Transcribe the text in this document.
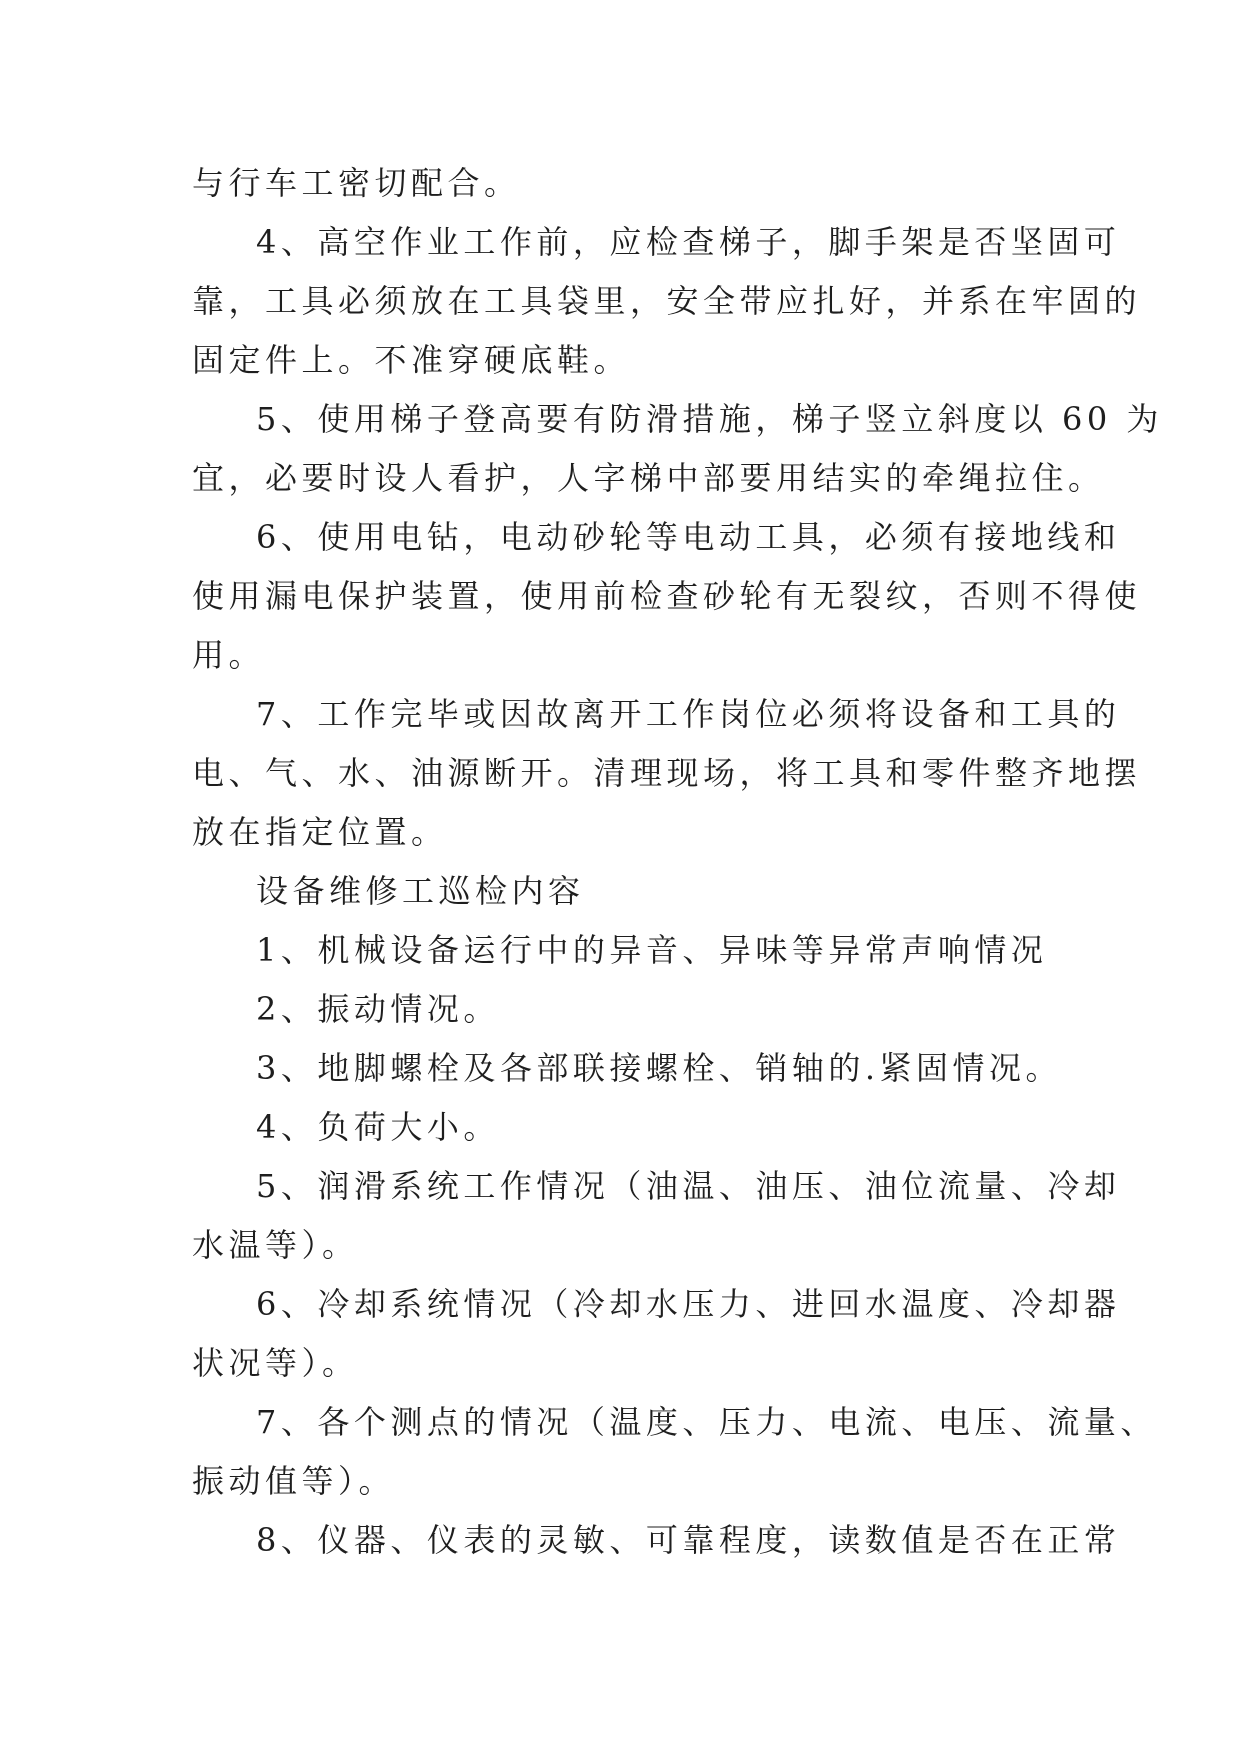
与行车工密切配合。
4、高空作业工作前，应检查梯子，脚手架是否坚固可
靠，工具必须放在工具袋里，安全带应扎好，并系在牢固的
固定件上。不准穿硬底鞋。
5、使用梯子登高要有防滑措施，梯子竖立斜度以 60 为
宜，必要时设人看护，人字梯中部要用结实的牵绳拉住。
6、使用电钻，电动砂轮等电动工具，必须有接地线和
使用漏电保护装置，使用前检查砂轮有无裂纹，否则不得使
用。
7、工作完毕或因故离开工作岗位必须将设备和工具的
电、气、水、油源断开。清理现场，将工具和零件整齐地摆
放在指定位置。
设备维修工巡检内容
1、机械设备运行中的异音、异味等异常声响情况
2、振动情况。
3、地脚螺栓及各部联接螺栓、销轴的.紧固情况。
4、负荷大小。
5、润滑系统工作情况（油温、油压、油位流量、冷却
水温等）。
6、冷却系统情况（冷却水压力、进回水温度、冷却器
状况等）。
7、各个测点的情况（温度、压力、电流、电压、流量、
振动值等）。
8、仪器、仪表的灵敏、可靠程度，读数值是否在正常
